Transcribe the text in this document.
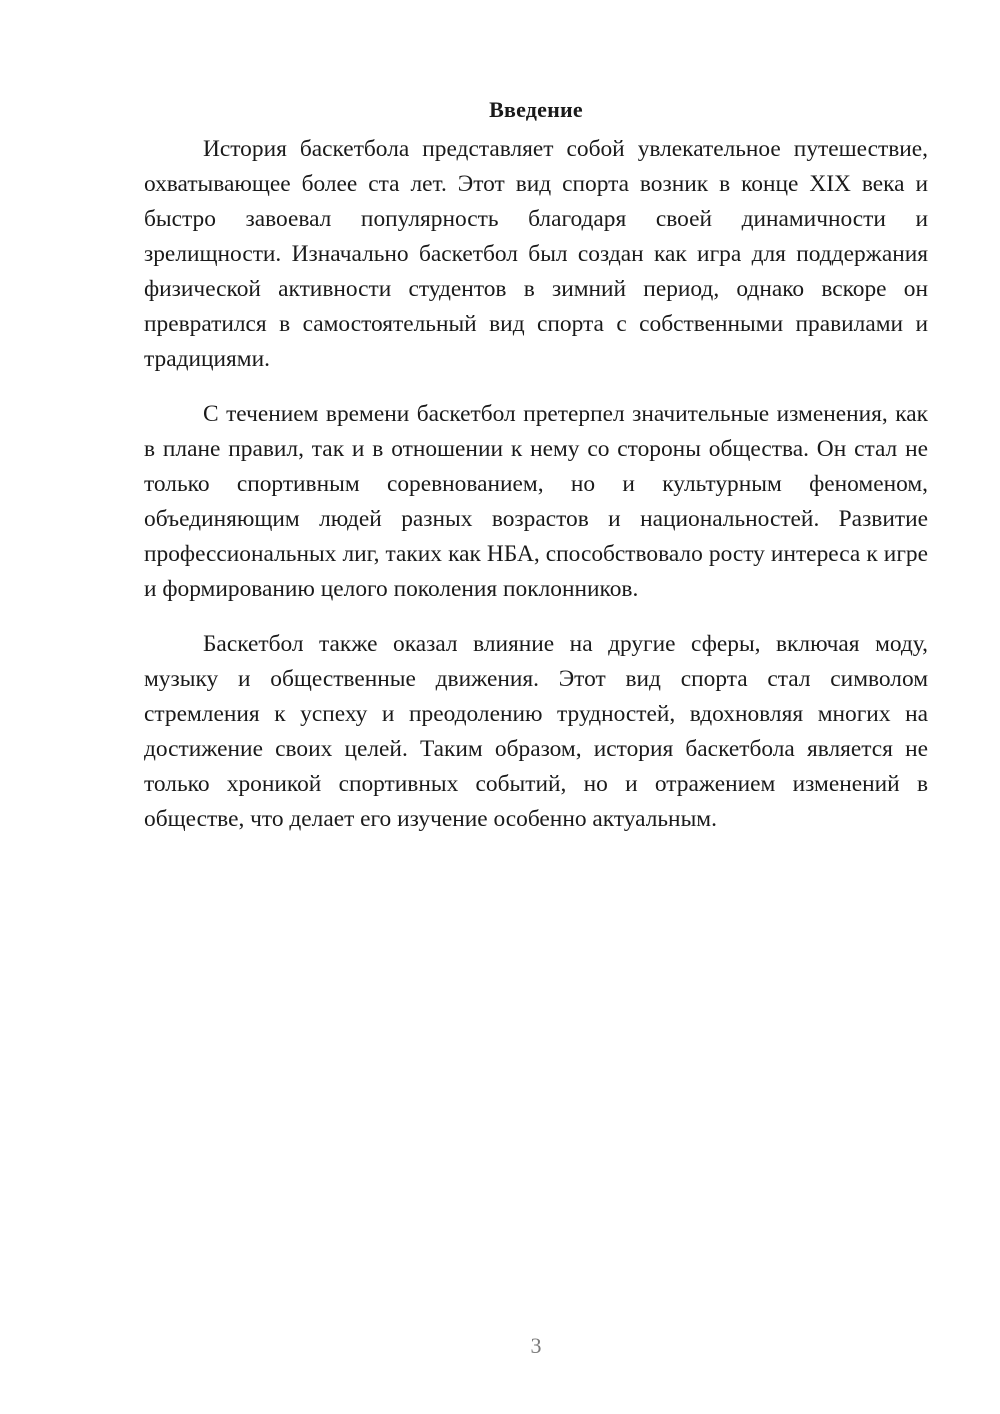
Введение

История баскетбола представляет собой увлекательное путешествие, охватывающее более ста лет. Этот вид спорта возник в конце XIX века и быстро завоевал популярность благодаря своей динамичности и зрелищности. Изначально баскетбол был создан как игра для поддержания физической активности студентов в зимний период, однако вскоре он превратился в самостоятельный вид спорта с собственными правилами и традициями.

С течением времени баскетбол претерпел значительные изменения, как в плане правил, так и в отношении к нему со стороны общества. Он стал не только спортивным соревнованием, но и культурным феноменом, объединяющим людей разных возрастов и национальностей. Развитие профессиональных лиг, таких как НБА, способствовало росту интереса к игре и формированию целого поколения поклонников.

Баскетбол также оказал влияние на другие сферы, включая моду, музыку и общественные движения. Этот вид спорта стал символом стремления к успеху и преодолению трудностей, вдохновляя многих на достижение своих целей. Таким образом, история баскетбола является не только хроникой спортивных событий, но и отражением изменений в обществе, что делает его изучение особенно актуальным.

3
